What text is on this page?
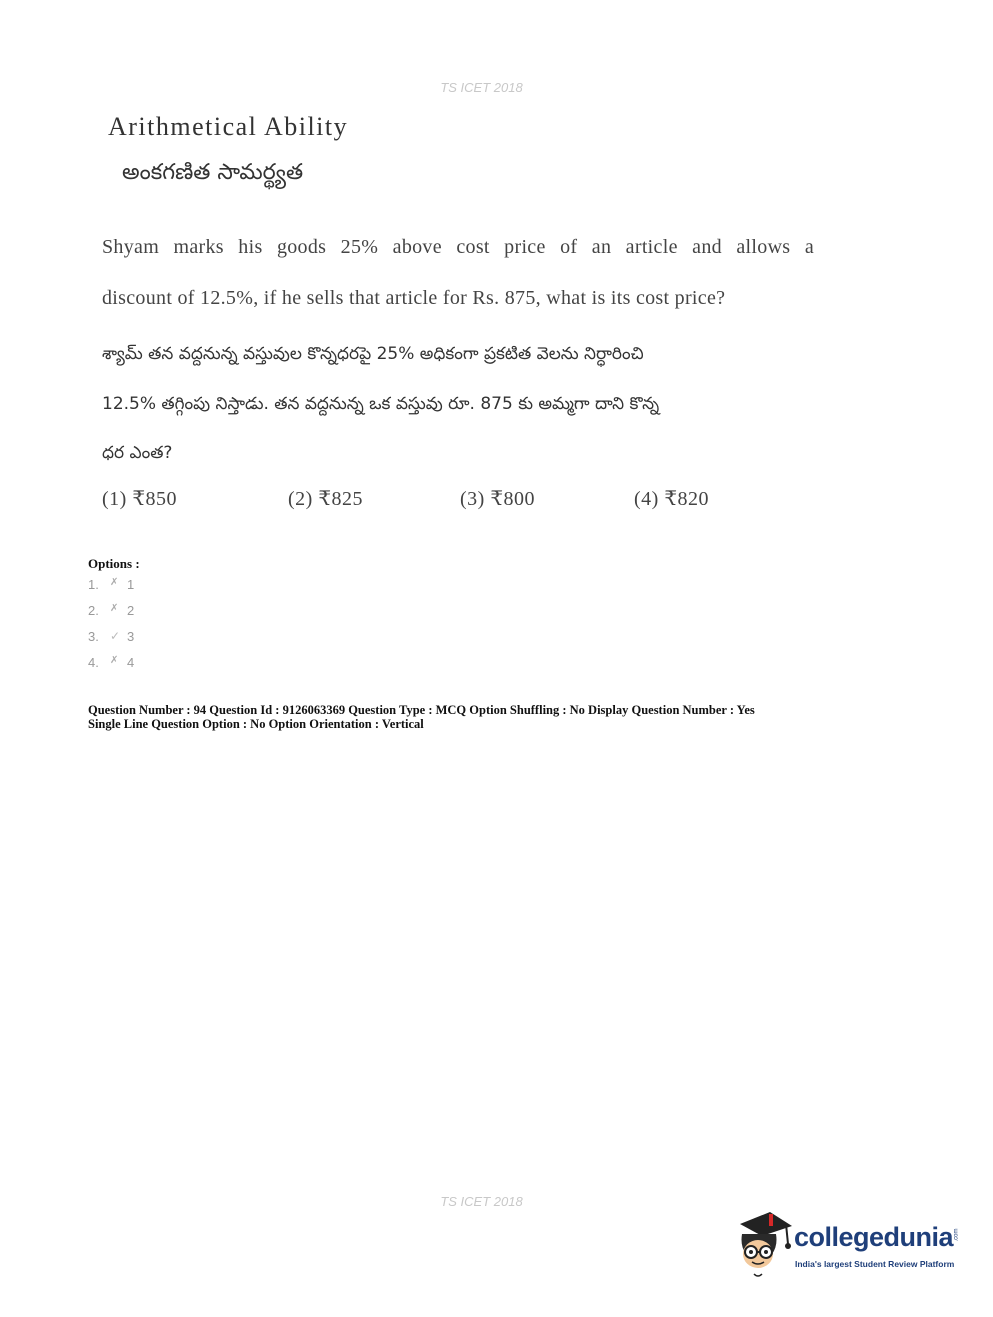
TS ICET 2018
Arithmetical Ability
అంకగణిత సామర్థ్యత
Shyam marks his goods 25% above cost price of an article and allows a
discount of 12.5%, if he sells that article for Rs. 875, what is its cost price?
శ్యామ్ తన వద్దనున్న వస్తువుల కొన్నధరపై 25% అధికంగా ప్రకటిత వెలను నిర్ధారించి
12.5% తగ్గింపు నిస్తాడు. తన వద్దనున్న ఒక వస్తువు రూ. 875 కు అమ్మగా దాని కొన్న
ధర ఎంత?
(1) ₹850	(2) ₹825	(3) ₹800	(4) ₹820
Options :
1.	✗ 1
2.	✗ 2
3. ✓ 3
4.	✗ 4
Question Number : 94 Question Id : 9126063369 Question Type : MCQ Option Shuffling : No Display Question Number : Yes
Single Line Question Option : No Option Orientation : Vertical
TS ICET 2018
collegedunia .com
India's largest Student Review Platform
